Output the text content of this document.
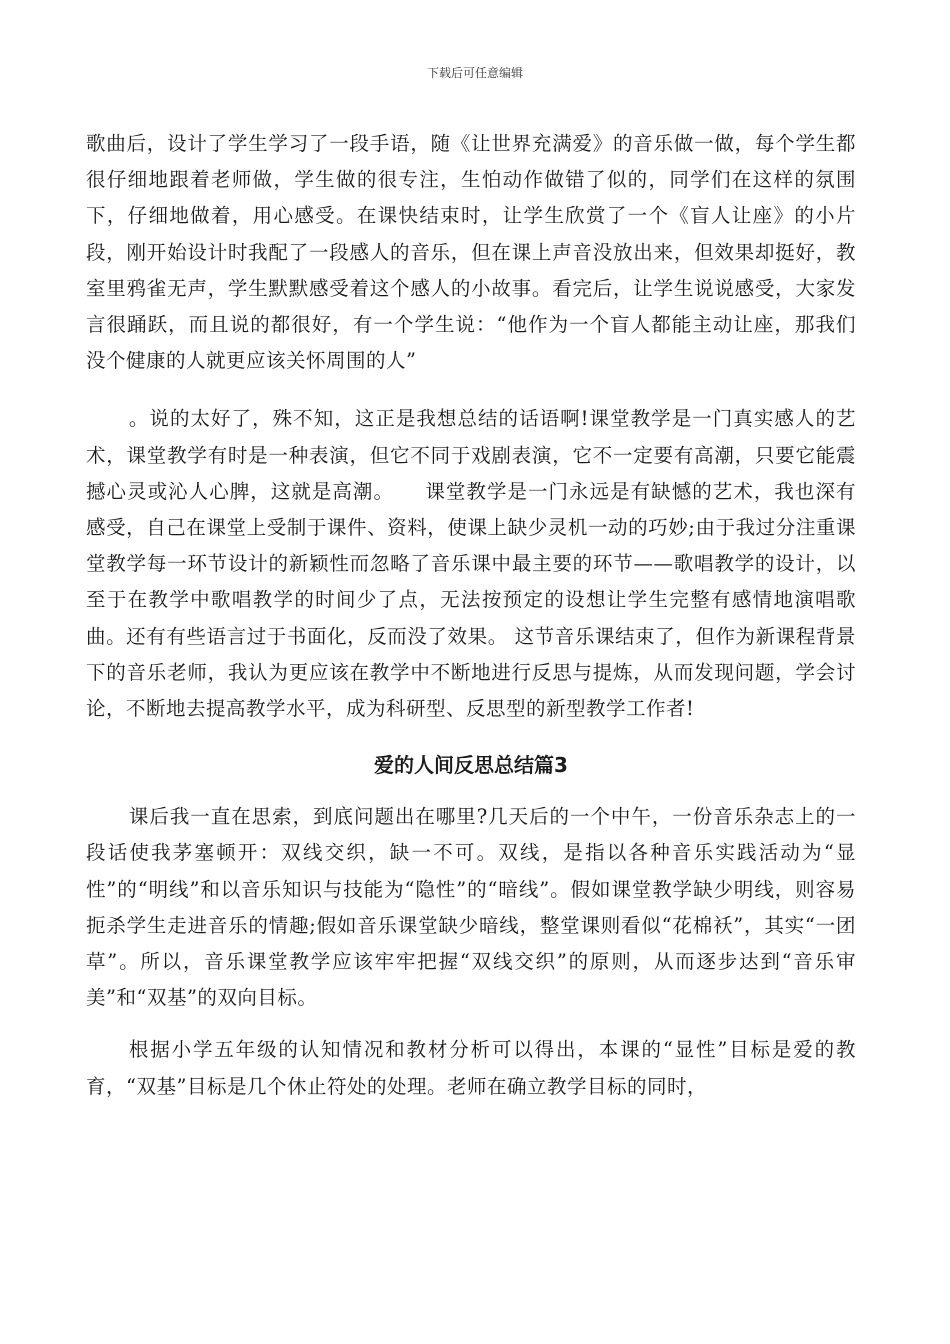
下载后可任意编辑

歌曲后，设计了学生学习了一段手语，随《让世界充满爱》的音乐做一做，每个学生都很仔细地跟着老师做，学生做的很专注，生怕动作做错了似的，同学们在这样的氛围下，仔细地做着，用心感受。在课快结束时，让学生欣赏了一个《盲人让座》的小片段，刚开始设计时我配了一段感人的音乐，但在课上声音没放出来，但效果却挺好，教室里鸦雀无声，学生默默感受着这个感人的小故事。看完后，让学生说说感受，大家发言很踊跃，而且说的都很好，有一个学生说：“他作为一个盲人都能主动让座，那我们没个健康的人就更应该关怀周围的人”

。说的太好了，殊不知，这正是我想总结的话语啊!课堂教学是一门真实感人的艺术，课堂教学有时是一种表演，但它不同于戏剧表演，它不一定要有高潮，只要它能震撼心灵或沁人心脾，这就是高潮。　　课堂教学是一门永远是有缺憾的艺术，我也深有感受，自己在课堂上受制于课件、资料，使课上缺少灵机一动的巧妙;由于我过分注重课堂教学每一环节设计的新颖性而忽略了音乐课中最主要的环节——歌唱教学的设计，以至于在教学中歌唱教学的时间少了点，无法按预定的设想让学生完整有感情地演唱歌曲。还有有些语言过于书面化，反而没了效果。 这节音乐课结束了，但作为新课程背景下的音乐老师，我认为更应该在教学中不断地进行反思与提炼，从而发现问题，学会讨论，不断地去提高教学水平，成为科研型、反思型的新型教学工作者!

爱的人间反思总结篇3

课后我一直在思索，到底问题出在哪里?几天后的一个中午，一份音乐杂志上的一段话使我茅塞顿开：双线交织，缺一不可。双线，是指以各种音乐实践活动为“显性”的“明线”和以音乐知识与技能为“隐性”的“暗线”。假如课堂教学缺少明线，则容易扼杀学生走进音乐的情趣;假如音乐课堂缺少暗线，整堂课则看似“花棉袄”，其实“一团草”。所以，音乐课堂教学应该牢牢把握“双线交织”的原则，从而逐步达到“音乐审美”和“双基”的双向目标。

根据小学五年级的认知情况和教材分析可以得出，本课的“显性”目标是爱的教育，“双基”目标是几个休止符处的处理。老师在确立教学目标的同时，
